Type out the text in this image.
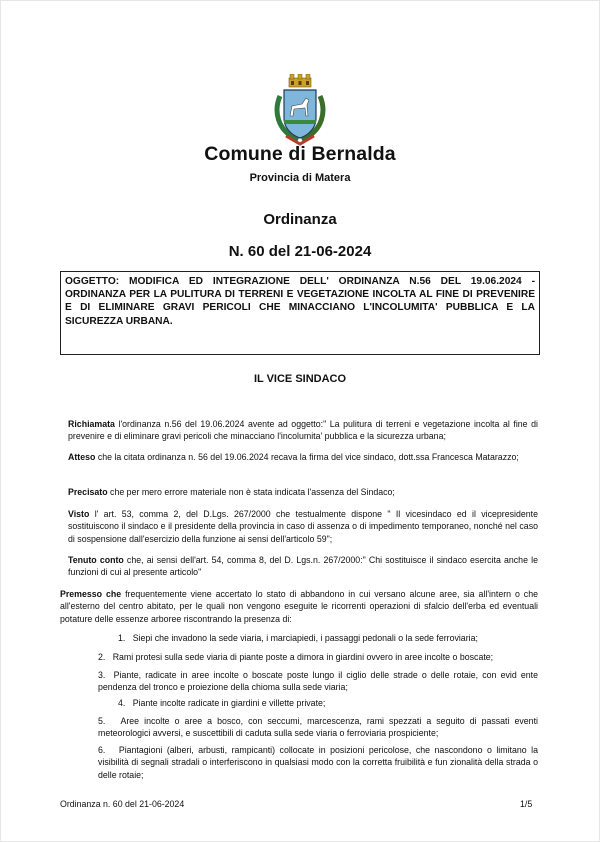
Comune di Bernalda
Provincia di Matera
Ordinanza
N. 60 del 21-06-2024
OGGETTO: MODIFICA ED INTEGRAZIONE DELL' ORDINANZA N.56 DEL 19.06.2024 - ORDINANZA PER LA PULITURA DI TERRENI E VEGETAZIONE INCOLTA AL FINE DI PREVENIRE E DI ELIMINARE GRAVI PERICOLI CHE MINACCIANO L'INCOLUMITA' PUBBLICA E LA SICUREZZA URBANA.
IL VICE SINDACO
Richiamata l'ordinanza n.56 del 19.06.2024 avente ad oggetto:" La pulitura di terreni e vegetazione incolta al fine di prevenire e di eliminare gravi pericoli che minacciano l'incolumita' pubblica e la sicurezza urbana;
Atteso che la citata ordinanza n. 56 del 19.06.2024 recava la firma del vice sindaco, dott.ssa Francesca Matarazzo;
Precisato che per mero errore materiale non è stata indicata l'assenza del Sindaco;
Visto l' art. 53, comma 2, del D.Lgs. 267/2000 che testualmente dispone " Il vicesindaco ed il vicepresidente sostituiscono il sindaco e il presidente della provincia in caso di assenza o di impedimento temporaneo, nonché nel caso di sospensione dall'esercizio della funzione ai sensi dell'articolo 59";
Tenuto conto che, ai sensi dell'art. 54, comma 8, del D. Lgs.n. 267/2000:" Chi sostituisce il sindaco esercita anche le funzioni di cui al presente articolo"
Premesso che frequentemente viene accertato lo stato di abbandono in cui versano alcune aree, sia all'intern o che all'esterno del centro abitato, per le quali non vengono eseguite le ricorrenti operazioni di sfalcio dell'erba ed eventuali potature delle essenze arboree riscontrando la presenza di:
1. Siepi che invadono la sede viaria, i marciapiedi, i passaggi pedonali o la sede ferroviaria;
2. Rami protesi sulla sede viaria di piante poste a dimora in giardini ovvero in aree incolte o boscate;
3. Piante, radicate in aree incolte o boscate poste lungo il ciglio delle strade o delle rotaie, con evid ente pendenza del tronco e proiezione della chioma sulla sede viaria;
4. Piante incolte radicate in giardini e villette private;
5. Aree incolte o aree a bosco, con seccumi, marcescenza, rami spezzati a seguito di passati eventi meteorologici avversi, e suscettibili di caduta sulla sede viaria o ferroviaria prospiciente;
6. Piantagioni (alberi, arbusti, rampicanti) collocate in posizioni pericolose, che nascondono o limitano la visibilità di segnali stradali o interferiscono in qualsiasi modo con la corretta fruibilità e fun zionalità della strada o delle rotaie;
Ordinanza n. 60 del 21-06-2024	1/5
